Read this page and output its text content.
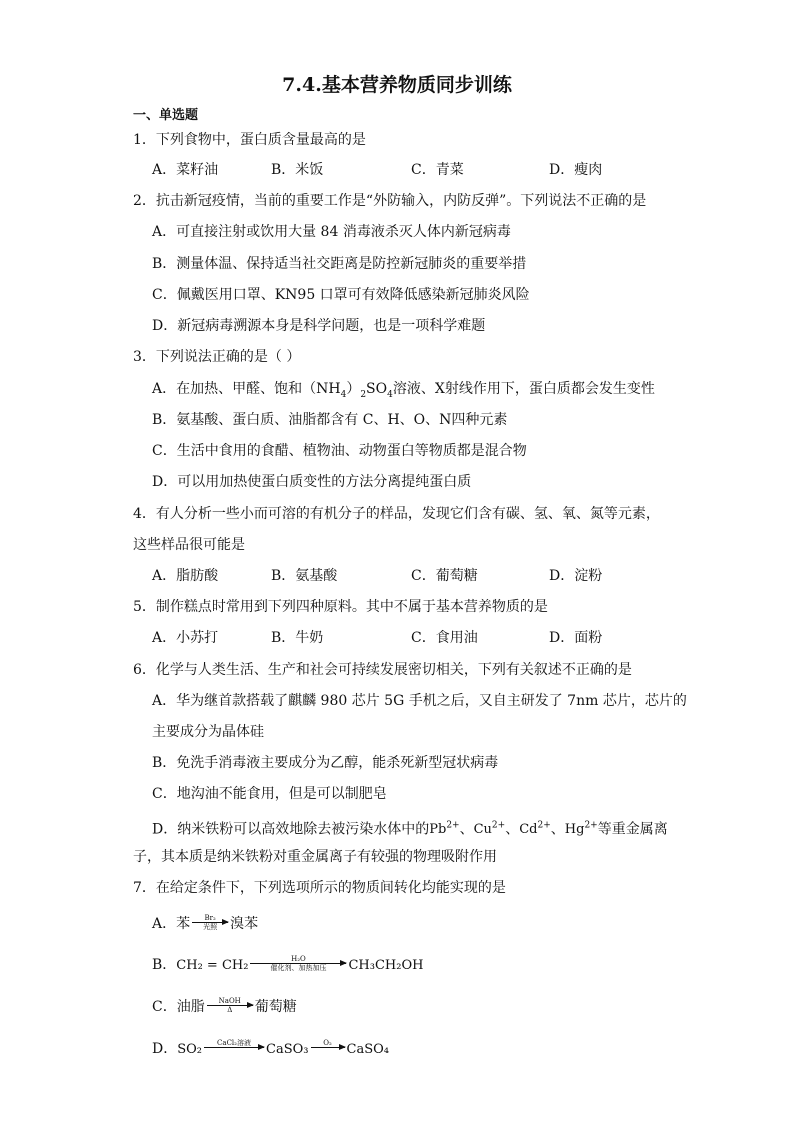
7.4.基本营养物质同步训练
一、单选题
1．下列食物中，蛋白质含量最高的是
A．菜籽油	B．米饭	C．青菜	D．瘦肉
2．抗击新冠疫情，当前的重要工作是“外防输入，内防反弹”。下列说法不正确的是
A．可直接注射或饮用大量 84 消毒液杀灭人体内新冠病毒
B．测量体温、保持适当社交距离是防控新冠肺炎的重要举措
C．佩戴医用口罩、KN95 口罩可有效降低感染新冠肺炎风险
D．新冠病毒溯源本身是科学问题，也是一项科学难题
3．下列说法正确的是（ ）
A．在加热、甲醛、饱和$(NH_4)_2SO_4$溶液、X射线作用下，蛋白质都会发生变性
B．氨基酸、蛋白质、油脂都含有 C、H、O、N四种元素
C．生活中食用的食醋、植物油、动物蛋白等物质都是混合物
D．可以用加热使蛋白质变性的方法分离提纯蛋白质
4．有人分析一些小而可溶的有机分子的样品，发现它们含有碳、氢、氧、氮等元素，
这些样品很可能是
A．脂肪酸	B．氨基酸	C．葡萄糖	D．淀粉
5．制作糕点时常用到下列四种原料。其中不属于基本营养物质的是
A．小苏打	B．牛奶	C．食用油	D．面粉
6．化学与人类生活、生产和社会可持续发展密切相关，下列有关叙述不正确的是
A．华为继首款搭载了麒麟 980 芯片 5G 手机之后，又自主研发了 7nm 芯片，芯片的
主要成分为晶体硅
B．免洗手消毒液主要成分为乙醇，能杀死新型冠状病毒
C．地沟油不能食用，但是可以制肥皂
D．纳米铁粉可以高效地除去被污染水体中的$Pb^{2+}$、$Cu^{2+}$、$Cd^{2+}$、$Hg^{2+}$等重金属离
子，其本质是纳米铁粉对重金属离子有较强的物理吸附作用
7．在给定条件下，下列选项所示的物质间转化均能实现的是
A．苯	Br₂
光照 溴苯
B．CH₂ = CH₂	H₂O
催化剂、加热加压	CH₃CH₂OH
C．油脂	NaOH
Δ	葡萄糖
D．SO₂	CaCl₂溶液	CaSO₃	O₂	CaSO₄
